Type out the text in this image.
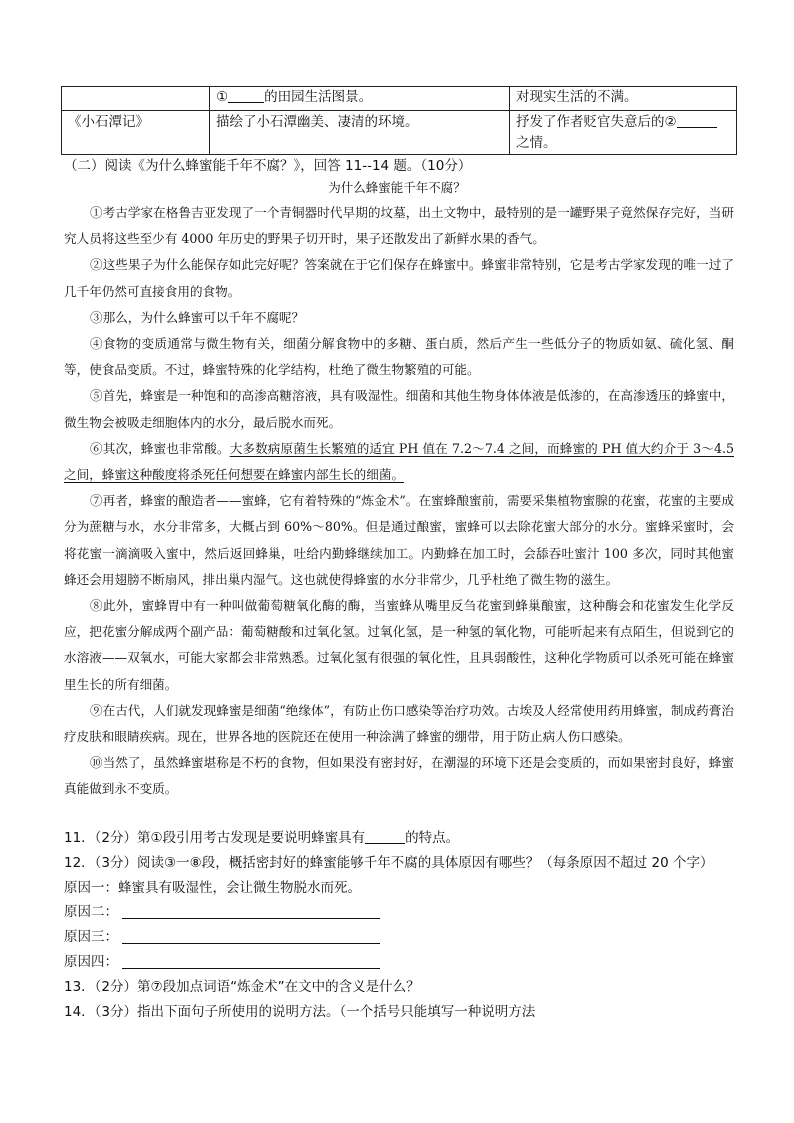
	① 的田园生活图景。	对现实生活的不满。
《小石潭记》	描绘了小石潭幽美、凄清的环境。	抒发了作者贬官失意后的②
之情。
（二）阅读《为什么蜂蜜能千年不腐？》，回答 11--14 题。（10分）
为什么蜂蜜能千年不腐？

①考古学家在格鲁吉亚发现了一个青铜器时代早期的坟墓，出土文物中，最特别的是一罐野果子竟然保存完好，当研究人员将这些至少有 4000 年历史的野果子切开时，果子还散发出了新鲜水果的香气。

②这些果子为什么能保存如此完好呢？答案就在于它们保存在蜂蜜中。蜂蜜非常特别，它是考古学家发现的唯一过了几千年仍然可直接食用的食物。

③那么，为什么蜂蜜可以千年不腐呢？

④食物的变质通常与微生物有关，细菌分解食物中的多糖、蛋白质，然后产生一些低分子的物质如氨、硫化氢、酮等，使食品变质。不过，蜂蜜特殊的化学结构，杜绝了微生物繁殖的可能。

⑤首先，蜂蜜是一种饱和的高渗高糖溶液，具有吸湿性。细菌和其他生物身体体液是低渗的，在高渗透压的蜂蜜中，微生物会被吸走细胞体内的水分，最后脱水而死。

⑥其次，蜂蜜也非常酸。大多数病原菌生长繁殖的适宜 PH 值在 7.2～7.4 之间，而蜂蜜的 PH 值大约介于 3～4.5 之间，蜂蜜这种酸度将杀死任何想要在蜂蜜内部生长的细菌。

⑦再者，蜂蜜的酿造者——蜜蜂，它有着特殊的“炼金术”。在蜜蜂酿蜜前，需要采集植物蜜腺的花蜜，花蜜的主要成分为蔗糖与水，水分非常多，大概占到 60%～80%。但是通过酿蜜，蜜蜂可以去除花蜜大部分的水分。蜜蜂采蜜时，会将花蜜一滴滴吸入蜜中，然后返回蜂巢，吐给内勤蜂继续加工。内勤蜂在加工时，会舔吞吐蜜汁 100 多次，同时其他蜜蜂还会用翅膀不断扇风，排出巢内湿气。这也就使得蜂蜜的水分非常少，几乎杜绝了微生物的滋生。

⑧此外，蜜蜂胃中有一种叫做葡萄糖氧化酶的酶，当蜜蜂从嘴里反刍花蜜到蜂巢酿蜜，这种酶会和花蜜发生化学反应，把花蜜分解成两个副产品：葡萄糖酸和过氧化氢。过氧化氢，是一种氢的氧化物，可能听起来有点陌生，但说到它的水溶液——双氧水，可能大家都会非常熟悉。过氧化氢有很强的氧化性，且具弱酸性，这种化学物质可以杀死可能在蜂蜜里生长的所有细菌。

⑨在古代，人们就发现蜂蜜是细菌“绝缘体”，有防止伤口感染等治疗功效。古埃及人经常使用药用蜂蜜，制成药膏治疗皮肤和眼睛疾病。现在，世界各地的医院还在使用一种涂满了蜂蜜的绷带，用于防止病人伤口感染。

⑩当然了，虽然蜂蜜堪称是不朽的食物，但如果没有密封好，在潮湿的环境下还是会变质的，而如果密封良好，蜂蜜真能做到永不变质。

11．（2分）第①段引用考古发现是要说明蜂蜜具有	的特点。
12．（3分）阅读③一⑧段，概括密封好的蜂蜜能够千年不腐的具体原因有哪些？（每条原因不超过 20 个字）
原因一：蜂蜜具有吸湿性，会让微生物脱水而死。
原因二：
原因三：
原因四：
13．（2分）第⑦段加点词语“炼金术”在文中的含义是什么？
14．（3分）指出下面句子所使用的说明方法。（一个括号只能填写一种说明方法
